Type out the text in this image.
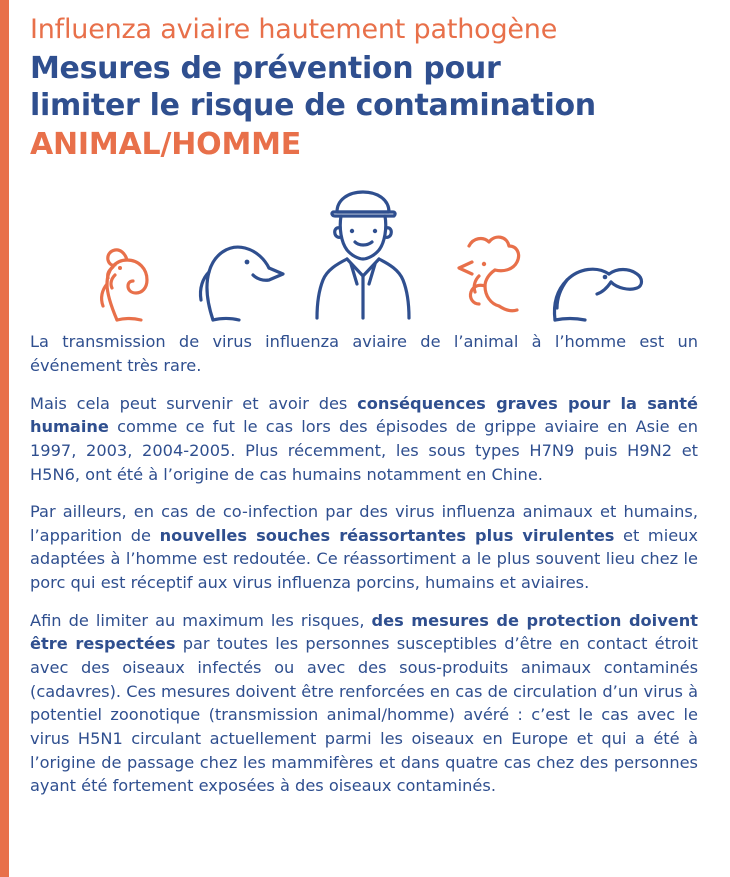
Influenza aviaire hautement pathogène
Mesures de prévention pour
limiter le risque de contamination
ANIMAL/HOMME

La transmission de virus influenza aviaire de l’animal à l’homme est un événement très rare.

Mais cela peut survenir et avoir des conséquences graves pour la santé humaine comme ce fut le cas lors des épisodes de grippe aviaire en Asie en 1997, 2003, 2004-2005. Plus récemment, les sous types H7N9 puis H9N2 et H5N6, ont été à l’origine de cas humains notamment en Chine.

Par ailleurs, en cas de co-infection par des virus influenza animaux et humains, l’apparition de nouvelles souches réassortantes plus virulentes et mieux adaptées à l’homme est redoutée. Ce réassortiment a le plus souvent lieu chez le porc qui est réceptif aux virus influenza porcins, humains et aviaires.

Afin de limiter au maximum les risques, des mesures de protection doivent être respectées par toutes les personnes susceptibles d’être en contact étroit avec des oiseaux infectés ou avec des sous-produits animaux contaminés (cadavres). Ces mesures doivent être renforcées en cas de circulation d’un virus à potentiel zoonotique (transmission animal/homme) avéré : c’est le cas avec le virus H5N1 circulant actuellement parmi les oiseaux en Europe et qui a été à l’origine de passage chez les mammifères et dans quatre cas chez des personnes ayant été fortement exposées à des oiseaux contaminés.
